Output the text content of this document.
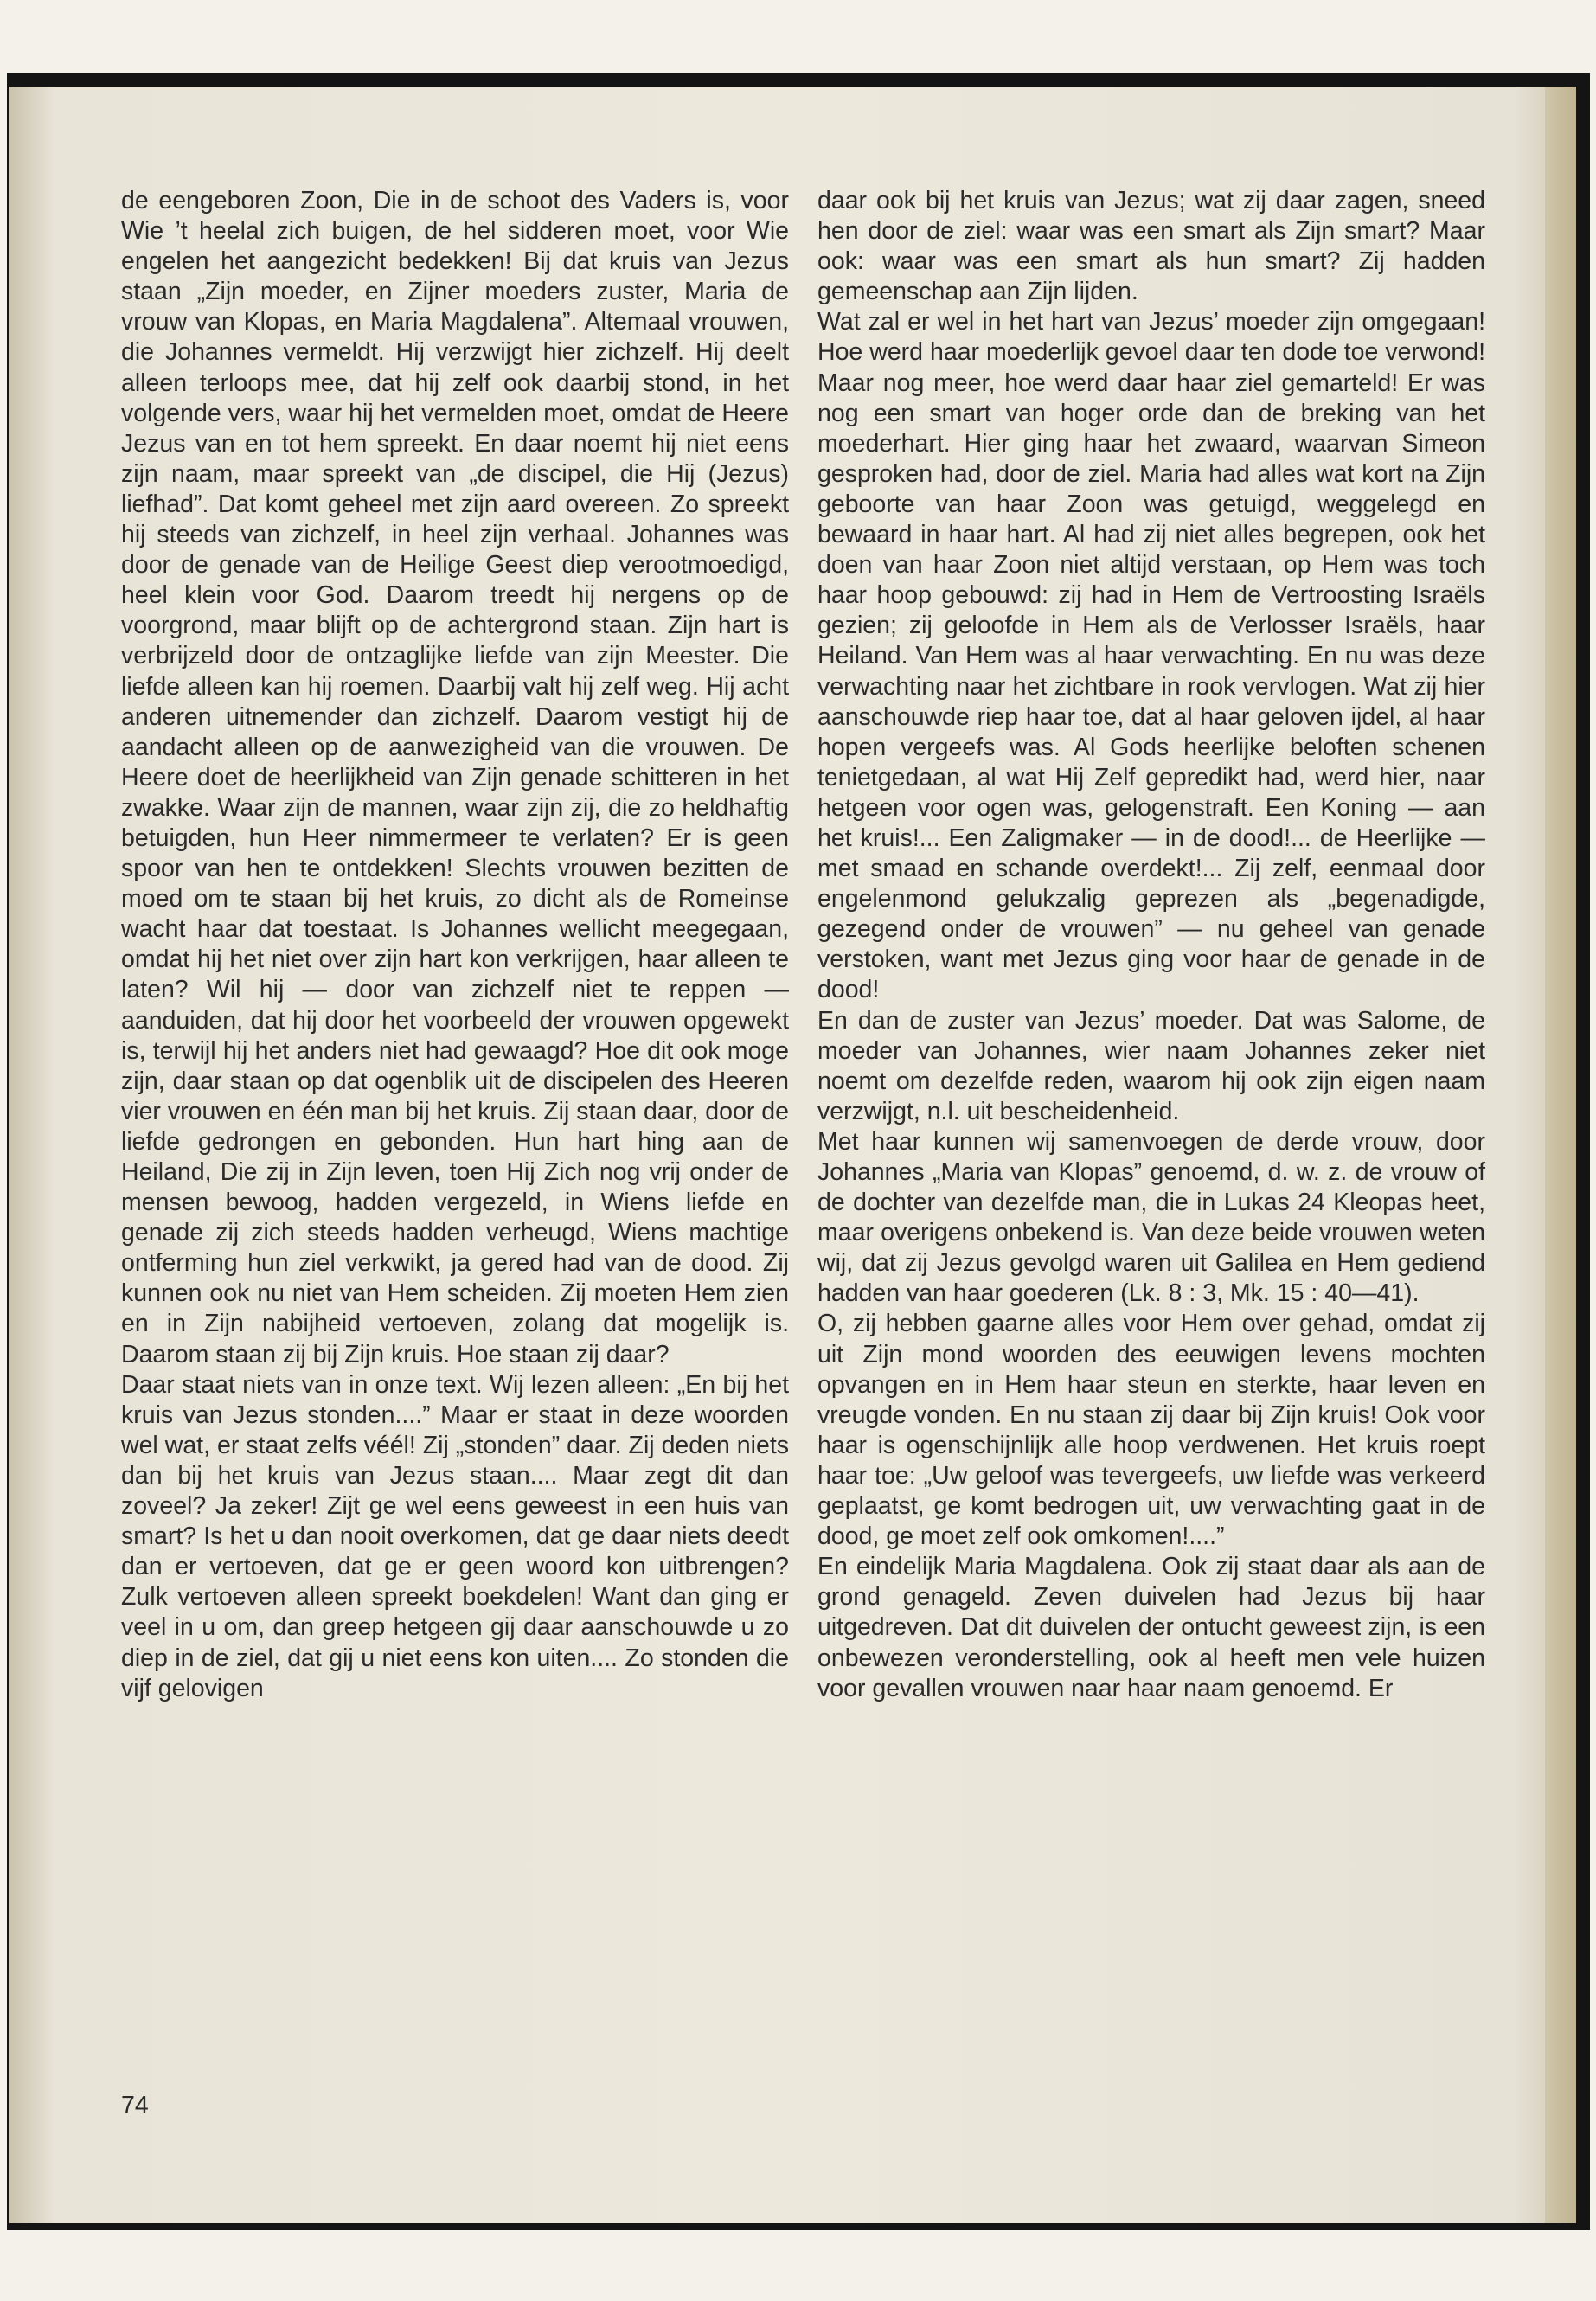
de eengeboren Zoon, Die in de schoot des Vaders is, voor Wie ’t heelal zich buigen, de hel sidderen moet, voor Wie engelen het aangezicht bedekken! Bij dat kruis van Jezus staan „Zijn moeder, en Zijner moeders zuster, Maria de vrouw van Klopas, en Maria Magdalena”. Altemaal vrouwen, die Johannes vermeldt. Hij verzwijgt hier zichzelf. Hij deelt alleen terloops mee, dat hij zelf ook daarbij stond, in het volgende vers, waar hij het vermelden moet, omdat de Heere Jezus van en tot hem spreekt. En daar noemt hij niet eens zijn naam, maar spreekt van „de discipel, die Hij (Jezus) liefhad”. Dat komt geheel met zijn aard overeen. Zo spreekt hij steeds van zichzelf, in heel zijn verhaal. Johannes was door de genade van de Heilige Geest diep verootmoedigd, heel klein voor God. Daarom treedt hij nergens op de voorgrond, maar blijft op de achtergrond staan. Zijn hart is verbrijzeld door de ontzaglijke liefde van zijn Meester. Die liefde alleen kan hij roemen. Daarbij valt hij zelf weg. Hij acht anderen uitnemender dan zichzelf. Daarom vestigt hij de aandacht alleen op de aanwezigheid van die vrouwen. De Heere doet de heerlijkheid van Zijn genade schitteren in het zwakke. Waar zijn de mannen, waar zijn zij, die zo heldhaftig betuigden, hun Heer nimmermeer te verlaten? Er is geen spoor van hen te ontdekken! Slechts vrouwen bezitten de moed om te staan bij het kruis, zo dicht als de Romeinse wacht haar dat toestaat. Is Johannes wellicht meegegaan, omdat hij het niet over zijn hart kon verkrijgen, haar alleen te laten? Wil hij — door van zichzelf niet te reppen — aanduiden, dat hij door het voorbeeld der vrouwen opgewekt is, terwijl hij het anders niet had gewaagd? Hoe dit ook moge zijn, daar staan op dat ogenblik uit de discipelen des Heeren vier vrouwen en één man bij het kruis. Zij staan daar, door de liefde gedrongen en gebonden. Hun hart hing aan de Heiland, Die zij in Zijn leven, toen Hij Zich nog vrij onder de mensen bewoog, hadden vergezeld, in Wiens liefde en genade zij zich steeds hadden verheugd, Wiens machtige ontferming hun ziel verkwikt, ja gered had van de dood. Zij kunnen ook nu niet van Hem scheiden. Zij moeten Hem zien en in Zijn nabijheid vertoeven, zolang dat mogelijk is. Daarom staan zij bij Zijn kruis. Hoe staan zij daar?

Daar staat niets van in onze text. Wij lezen alleen: „En bij het kruis van Jezus stonden....” Maar er staat in deze woorden wel wat, er staat zelfs véél! Zij „stonden” daar. Zij deden niets dan bij het kruis van Jezus staan.... Maar zegt dit dan zoveel? Ja zeker! Zijt ge wel eens geweest in een huis van smart? Is het u dan nooit overkomen, dat ge daar niets deedt dan er vertoeven, dat ge er geen woord kon uitbrengen? Zulk vertoeven alleen spreekt boekdelen! Want dan ging er veel in u om, dan greep hetgeen gij daar aanschouwde u zo diep in de ziel, dat gij u niet eens kon uiten.... Zo stonden die vijf gelovigen

daar ook bij het kruis van Jezus; wat zij daar zagen, sneed hen door de ziel: waar was een smart als Zijn smart? Maar ook: waar was een smart als hun smart? Zij hadden gemeenschap aan Zijn lijden.

Wat zal er wel in het hart van Jezus’ moeder zijn omgegaan! Hoe werd haar moederlijk gevoel daar ten dode toe verwond! Maar nog meer, hoe werd daar haar ziel gemarteld! Er was nog een smart van hoger orde dan de breking van het moederhart. Hier ging haar het zwaard, waarvan Simeon gesproken had, door de ziel. Maria had alles wat kort na Zijn geboorte van haar Zoon was getuigd, weggelegd en bewaard in haar hart. Al had zij niet alles begrepen, ook het doen van haar Zoon niet altijd verstaan, op Hem was toch haar hoop gebouwd: zij had in Hem de Vertroosting Israëls gezien; zij geloofde in Hem als de Verlosser Israëls, haar Heiland. Van Hem was al haar verwachting. En nu was deze verwachting naar het zichtbare in rook vervlogen. Wat zij hier aanschouwde riep haar toe, dat al haar geloven ijdel, al haar hopen vergeefs was. Al Gods heerlijke beloften schenen tenietgedaan, al wat Hij Zelf gepredikt had, werd hier, naar hetgeen voor ogen was, gelogenstraft. Een Koning — aan het kruis!... Een Zaligmaker — in de dood!... de Heerlijke — met smaad en schande overdekt!... Zij zelf, eenmaal door engelenmond gelukzalig geprezen als „begenadigde, gezegend onder de vrouwen” — nu geheel van genade verstoken, want met Jezus ging voor haar de genade in de dood!

En dan de zuster van Jezus’ moeder. Dat was Salome, de moeder van Johannes, wier naam Johannes zeker niet noemt om dezelfde reden, waarom hij ook zijn eigen naam verzwijgt, n.l. uit bescheidenheid.

Met haar kunnen wij samenvoegen de derde vrouw, door Johannes „Maria van Klopas” genoemd, d. w. z. de vrouw of de dochter van dezelfde man, die in Lukas 24 Kleopas heet, maar overigens onbekend is. Van deze beide vrouwen weten wij, dat zij Jezus gevolgd waren uit Galilea en Hem gediend hadden van haar goederen (Lk. 8 : 3, Mk. 15 : 40—41).

O, zij hebben gaarne alles voor Hem over gehad, omdat zij uit Zijn mond woorden des eeuwigen levens mochten opvangen en in Hem haar steun en sterkte, haar leven en vreugde vonden. En nu staan zij daar bij Zijn kruis! Ook voor haar is ogenschijnlijk alle hoop verdwenen. Het kruis roept haar toe: „Uw geloof was tevergeefs, uw liefde was verkeerd geplaatst, ge komt bedrogen uit, uw verwachting gaat in de dood, ge moet zelf ook omkomen!....”

En eindelijk Maria Magdalena. Ook zij staat daar als aan de grond genageld. Zeven duivelen had Jezus bij haar uitgedreven. Dat dit duivelen der ontucht geweest zijn, is een onbewezen veronderstelling, ook al heeft men vele huizen voor gevallen vrouwen naar haar naam genoemd. Er

74
